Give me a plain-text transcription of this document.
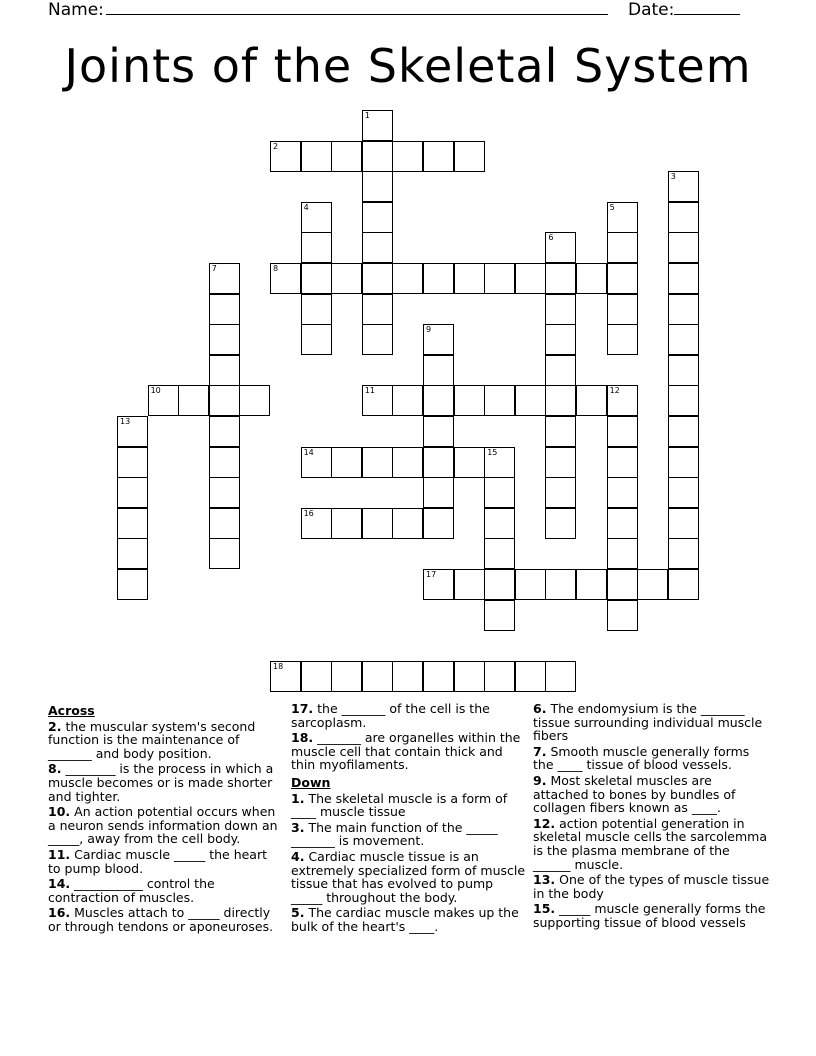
Name:	Date:
Joints of the Skeletal System
1
2
3
4	5
6
7	8
9
10	11	12
13
14	15
16
17
18
Across
2. the muscular system's second function is the maintenance of _______ and body position.
8. ________ is the process in which a muscle becomes or is made shorter and tighter.
10. An action potential occurs when a neuron sends information down an _____, away from the cell body.
11. Cardiac muscle _____ the heart to pump blood.
14. ___________ control the contraction of muscles.
16. Muscles attach to _____ directly or through tendons or aponeuroses.
17. the _______ of the cell is the sarcoplasm.
18. _______ are organelles within the muscle cell that contain thick and thin myofilaments.
Down
1. The skeletal muscle is a form of ____ muscle tissue
3. The main function of the _____ _______ is movement.
4. Cardiac muscle tissue is an extremely specialized form of muscle tissue that has evolved to pump _____ throughout the body.
5. The cardiac muscle makes up the bulk of the heart's ____.
6. The endomysium is the _______ tissue surrounding individual muscle fibers
7. Smooth muscle generally forms the ____ tissue of blood vessels.
9. Most skeletal muscles are attached to bones by bundles of collagen fibers known as ____.
12. action potential generation in skeletal muscle cells the sarcolemma is the plasma membrane of the ______ muscle.
13. One of the types of muscle tissue in the body
15. _____ muscle generally forms the supporting tissue of blood vessels
